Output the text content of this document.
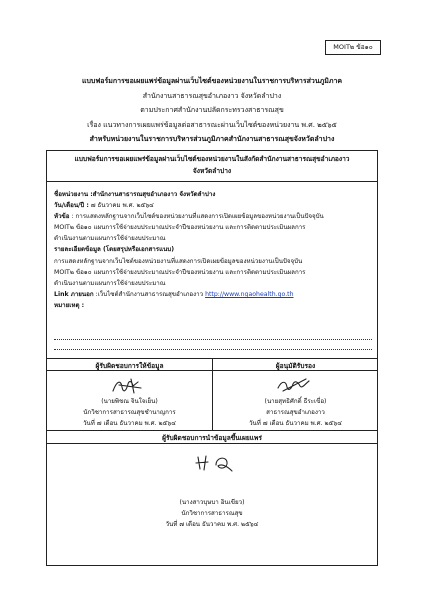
MOIT๒ ข้อ๑๐
แบบฟอร์มการขอเผยแพร่ข้อมูลผ่านเว็บไซต์ของหน่วยงานในราชการบริหารส่วนภูมิภาค
สำนักงานสาธารณสุขอำเภองาว จังหวัดลำปาง
ตามประกาศสำนักงานปลัดกระทรวงสาธารณสุข
เรื่อง แนวทางการเผยแพร่ข้อมูลต่อสาธารณะผ่านเว็บไซต์ของหน่วยงาน พ.ศ. ๒๕๖๕
สำหรับหน่วยงานในราชการบริหารส่วนภูมิภาคสำนักงานสาธารณสุขจังหวัดลำปาง
แบบฟอร์มการขอเผยแพร่ข้อมูลผ่านเว็บไซต์ของหน่วยงานในสังกัดสำนักงานสาธารณสุขอำเภองาว
จังหวัดลำปาง
ชื่อหน่วยงาน :สำนักงานสาธารณสุขอำเภองาว จังหวัดลำปาง
วัน/เดือน/ปี : ๗ ธันวาคม พ.ศ. ๒๕๖๔
หัวข้อ : การแสดงหลักฐานจากเว็บไซต์ของหน่วยงานที่แสดงการเปิดเผยข้อมูลของหน่วยงานเป็นปัจจุบัน
MOIT๒ ข้อ๑๐ แผนการใช้จ่ายงบประมาณประจำปีของหน่วยงาน และการติดตามประเมินผลการ
ดำเนินงานตามแผนการใช้จ่ายงบประมาณ
รายละเอียดข้อมูล (โดยสรุปหรือเอกสารแนบ)
การแสดงหลักฐานจากเว็บไซต์ของหน่วยงานที่แสดงการเปิดเผยข้อมูลของหน่วยงานเป็นปัจจุบัน
MOIT๒ ข้อ๑๐ แผนการใช้จ่ายงบประมาณประจำปีของหน่วยงาน และการติดตามประเมินผลการ
ดำเนินงานตามแผนการใช้จ่ายงบประมาณ
Link ภายนอก :เว็บไซต์สำนักงานสาธารณสุขอำเภองาว http://www.ngaohealth.go.th
หมายเหตุ :
ผู้รับผิดชอบการให้ข้อมูล	ผู้อนุมัติรับรอง
(นายพิชณ จินใจเย็น)
นักวิชาการสาธารณสุขชำนาญการ
วันที่ ๗ เดือน ธันวาคม พ.ศ. ๒๕๖๔
(นายสุทธิศักดิ์ ธีระเขื่อ)
สาธารณสุขอำเภองาว
วันที่ ๗ เดือน ธันวาคม พ.ศ. ๒๕๖๔
ผู้รับผิดชอบการนำข้อมูลขึ้นเผยแพร่
(นางสาวบุษบา อินเขียว)
นักวิชาการสาธารณสุข
วันที่ ๗ เดือน ธันวาคม พ.ศ. ๒๕๖๔
